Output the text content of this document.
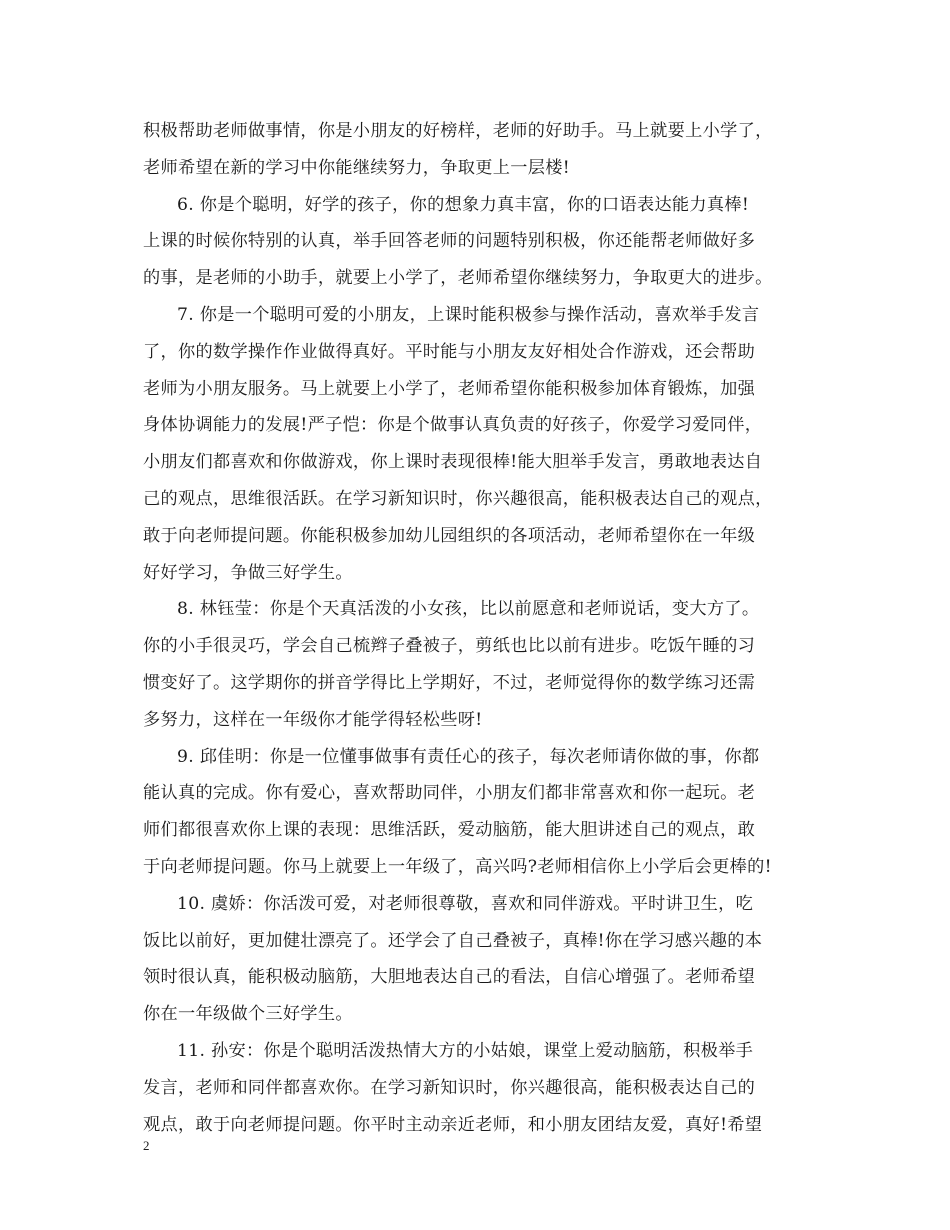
积极帮助老师做事情，你是小朋友的好榜样，老师的好助手。马上就要上小学了，
老师希望在新的学习中你能继续努力，争取更上一层楼!
6. 你是个聪明，好学的孩子，你的想象力真丰富，你的口语表达能力真棒!
上课的时候你特别的认真，举手回答老师的问题特别积极，你还能帮老师做好多
的事，是老师的小助手，就要上小学了，老师希望你继续努力，争取更大的进步。
7. 你是一个聪明可爱的小朋友，上课时能积极参与操作活动，喜欢举手发言
了，你的数学操作作业做得真好。平时能与小朋友友好相处合作游戏，还会帮助
老师为小朋友服务。马上就要上小学了，老师希望你能积极参加体育锻炼，加强
身体协调能力的发展!严子恺：你是个做事认真负责的好孩子，你爱学习爱同伴，
小朋友们都喜欢和你做游戏，你上课时表现很棒!能大胆举手发言，勇敢地表达自
己的观点，思维很活跃。在学习新知识时，你兴趣很高，能积极表达自己的观点，
敢于向老师提问题。你能积极参加幼儿园组织的各项活动，老师希望你在一年级
好好学习，争做三好学生。
8. 林钰莹：你是个天真活泼的小女孩，比以前愿意和老师说话，变大方了。
你的小手很灵巧，学会自己梳辫子叠被子，剪纸也比以前有进步。吃饭午睡的习
惯变好了。这学期你的拼音学得比上学期好，不过，老师觉得你的数学练习还需
多努力，这样在一年级你才能学得轻松些呀!
9. 邱佳明：你是一位懂事做事有责任心的孩子，每次老师请你做的事，你都
能认真的完成。你有爱心，喜欢帮助同伴，小朋友们都非常喜欢和你一起玩。老
师们都很喜欢你上课的表现：思维活跃，爱动脑筋，能大胆讲述自己的观点，敢
于向老师提问题。你马上就要上一年级了，高兴吗?老师相信你上小学后会更棒的!
10. 虞娇：你活泼可爱，对老师很尊敬，喜欢和同伴游戏。平时讲卫生，吃
饭比以前好，更加健壮漂亮了。还学会了自己叠被子，真棒!你在学习感兴趣的本
领时很认真，能积极动脑筋，大胆地表达自己的看法，自信心增强了。老师希望
你在一年级做个三好学生。
11. 孙安：你是个聪明活泼热情大方的小姑娘，课堂上爱动脑筋，积极举手
发言，老师和同伴都喜欢你。在学习新知识时，你兴趣很高，能积极表达自己的
观点，敢于向老师提问题。你平时主动亲近老师，和小朋友团结友爱，真好!希望
2
